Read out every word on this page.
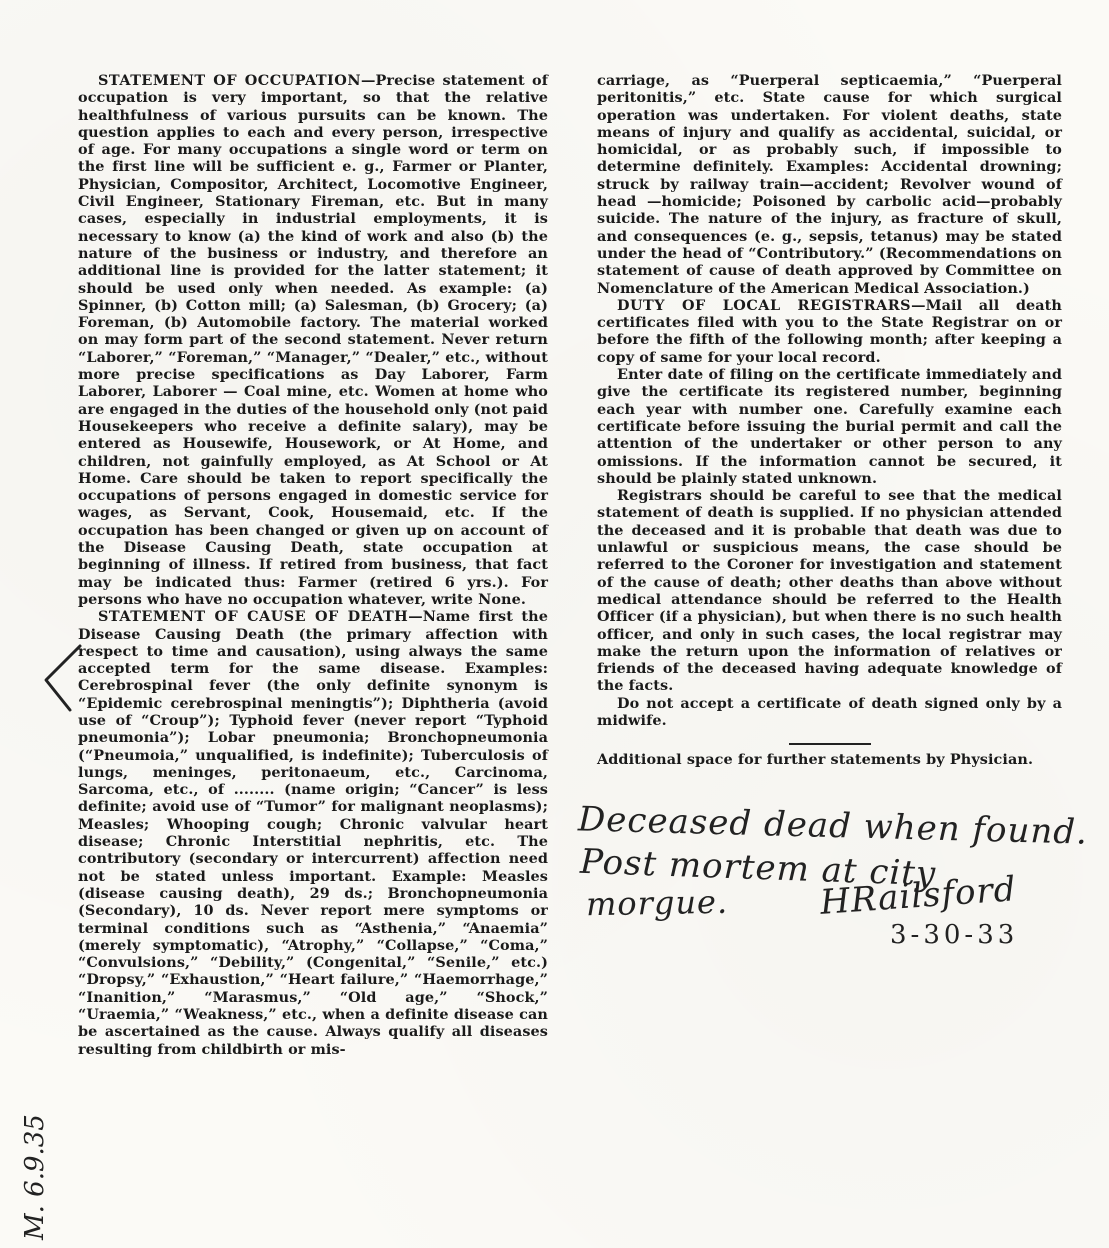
STATEMENT OF OCCUPATION—Precise statement of occupation is very important, so that the relative healthfulness of various pursuits can be known. The question applies to each and every person, irrespective of age. For many occupations a single word or term on the first line will be sufficient e. g., Farmer or Planter, Physician, Compositor, Architect, Locomotive Engineer, Civil Engineer, Stationary Fireman, etc. But in many cases, especially in industrial employments, it is necessary to know (a) the kind of work and also (b) the nature of the business or industry, and therefore an additional line is provided for the latter statement; it should be used only when needed. As example: (a) Spinner, (b) Cotton mill; (a) Salesman, (b) Grocery; (a) Foreman, (b) Automobile factory. The material worked on may form part of the second statement. Never return “Laborer,” “Foreman,” “Manager,” “Dealer,” etc., without more precise specifications as Day Laborer, Farm Laborer, Laborer — Coal mine, etc. Women at home who are engaged in the duties of the household only (not paid Housekeepers who receive a definite salary), may be entered as Housewife, Housework, or At Home, and children, not gainfully employed, as At School or At Home. Care should be taken to report specifically the occupations of persons engaged in domestic service for wages, as Servant, Cook, Housemaid, etc. If the occupation has been changed or given up on account of the Disease Causing Death, state occupation at beginning of illness. If retired from business, that fact may be indicated thus: Farmer (retired 6 yrs.). For persons who have no occupation whatever, write None.

STATEMENT OF CAUSE OF DEATH—Name first the Disease Causing Death (the primary affection with respect to time and causation), using always the same accepted term for the same disease. Examples: Cerebrospinal fever (the only definite synonym is “Epidemic cerebrospinal meningtis”); Diphtheria (avoid use of “Croup”); Typhoid fever (never report “Typhoid pneumonia”); Lobar pneumonia; Bronchopneumonia (“Pneumoia,” unqualified, is indefinite); Tuberculosis of lungs, meninges, peritonaeum, etc., Carcinoma, Sarcoma, etc., of ........ (name origin; “Cancer” is less definite; avoid use of “Tumor” for malignant neoplasms); Measles; Whooping cough; Chronic valvular heart disease; Chronic Interstitial nephritis, etc. The contributory (secondary or intercurrent) affection need not be stated unless important. Example: Measles (disease causing death), 29 ds.; Bronchopneumonia (Secondary), 10 ds. Never report mere symptoms or terminal conditions such as “Asthenia,” “Anaemia” (merely symptomatic), “Atrophy,” “Collapse,” “Coma,” “Convulsions,” “Debility,” (Congenital,” “Senile,” etc.) “Dropsy,” “Exhaustion,” “Heart failure,” “Haemorrhage,” “Inanition,” “Marasmus,” “Old age,” “Shock,” “Uraemia,” “Weakness,” etc., when a definite disease can be ascertained as the cause. Always qualify all diseases resulting from childbirth or mis-

carriage, as “Puerperal septicaemia,” “Puerperal peritonitis,” etc. State cause for which surgical operation was undertaken. For violent deaths, state means of injury and qualify as accidental, suicidal, or homicidal, or as probably such, if impossible to determine definitely. Examples: Accidental drowning; struck by railway train—accident; Revolver wound of head —homicide; Poisoned by carbolic acid—probably suicide. The nature of the injury, as fracture of skull, and consequences (e. g., sepsis, tetanus) may be stated under the head of “Contributory.” (Recommendations on statement of cause of death approved by Committee on Nomenclature of the American Medical Association.)

DUTY OF LOCAL REGISTRARS—Mail all death certificates filed with you to the State Registrar on or before the fifth of the following month; after keeping a copy of same for your local record.

Enter date of filing on the certificate immediately and give the certificate its registered number, beginning each year with number one. Carefully examine each certificate before issuing the burial permit and call the attention of the undertaker or other person to any omissions. If the information cannot be secured, it should be plainly stated unknown.

Registrars should be careful to see that the medical statement of death is supplied. If no physician attended the deceased and it is probable that death was due to unlawful or suspicious means, the case should be referred to the Coroner for investigation and statement of the cause of death; other deaths than above without medical attendance should be referred to the Health Officer (if a physician), but when there is no such health officer, and only in such cases, the local registrar may make the return upon the information of relatives or friends of the deceased having adequate knowledge of the facts.

Do not accept a certificate of death signed only by a midwife.

Additional space for further statements by Physician.

Deceased dead when found.
Post mortem at city
morgue.	HRailsford
3-30-33
M. 6.9.35
